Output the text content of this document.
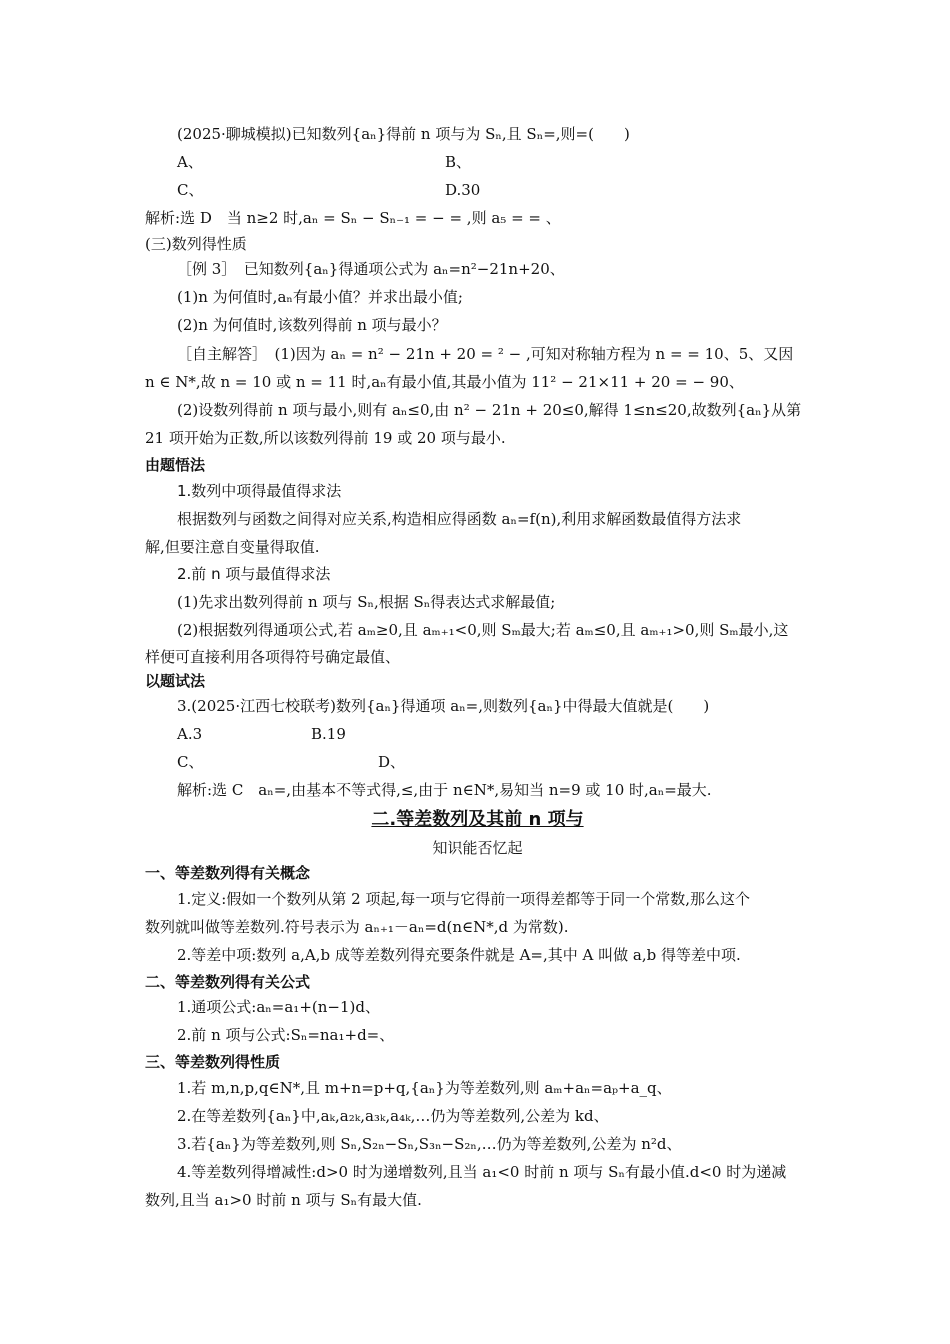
(2025·聊城模拟)已知数列{aₙ}得前 n 项与为 Sₙ,且 Sₙ=,则=(　　)
A、	B、
C、	D.30
解析:选 D　当 n≥2 时,aₙ = Sₙ − Sₙ₋₁ = − = ,则 a₅ = = 、
(三)数列得性质
［例 3］　已知数列{aₙ}得通项公式为 aₙ=n²−21n+20、
(1)n 为何值时,aₙ有最小值？并求出最小值;
(2)n 为何值时,该数列得前 n 项与最小？
［自主解答］　(1)因为 aₙ = n² − 21n + 20 = ² − ,可知对称轴方程为 n = = 10、5、又因
n ∈ N*,故 n = 10 或 n = 11 时,aₙ有最小值,其最小值为 11² − 21×11 + 20 = − 90、
(2)设数列得前 n 项与最小,则有 aₙ≤0,由 n² − 21n + 20≤0,解得 1≤n≤20,故数列{aₙ}从第
21 项开始为正数,所以该数列得前 19 或 20 项与最小.
由题悟法
1.数列中项得最值得求法
根据数列与函数之间得对应关系,构造相应得函数 aₙ=f(n),利用求解函数最值得方法求
解,但要注意自变量得取值.
2.前 n 项与最值得求法
(1)先求出数列得前 n 项与 Sₙ,根据 Sₙ得表达式求解最值;
(2)根据数列得通项公式,若 aₘ≥0,且 aₘ₊₁<0,则 Sₘ最大;若 aₘ≤0,且 aₘ₊₁>0,则 Sₘ最小,这
样便可直接利用各项得符号确定最值、
以题试法
3.(2025·江西七校联考)数列{aₙ}得通项 aₙ=,则数列{aₙ}中得最大值就是(　　)
A.3	B.19
C、	D、
解析:选 C　aₙ=,由基本不等式得,≤,由于 n∈N*,易知当 n=9 或 10 时,aₙ=最大.
二.等差数列及其前 n 项与
知识能否忆起
一、等差数列得有关概念
1.定义:假如一个数列从第 2 项起,每一项与它得前一项得差都等于同一个常数,那么这个
数列就叫做等差数列.符号表示为 aₙ₊₁－aₙ=d(n∈N*,d 为常数).
2.等差中项:数列 a,A,b 成等差数列得充要条件就是 A=,其中 A 叫做 a,b 得等差中项.
二、等差数列得有关公式
1.通项公式:aₙ=a₁+(n−1)d、
2.前 n 项与公式:Sₙ=na₁+d=、
三、等差数列得性质
1.若 m,n,p,q∈N*,且 m+n=p+q,{aₙ}为等差数列,则 aₘ+aₙ=aₚ+a_q、
2.在等差数列{aₙ}中,aₖ,a₂ₖ,a₃ₖ,a₄ₖ,…仍为等差数列,公差为 kd、
3.若{aₙ}为等差数列,则 Sₙ,S₂ₙ−Sₙ,S₃ₙ−S₂ₙ,…仍为等差数列,公差为 n²d、
4.等差数列得增减性:d>0 时为递增数列,且当 a₁<0 时前 n 项与 Sₙ有最小值.d<0 时为递减
数列,且当 a₁>0 时前 n 项与 Sₙ有最大值.
